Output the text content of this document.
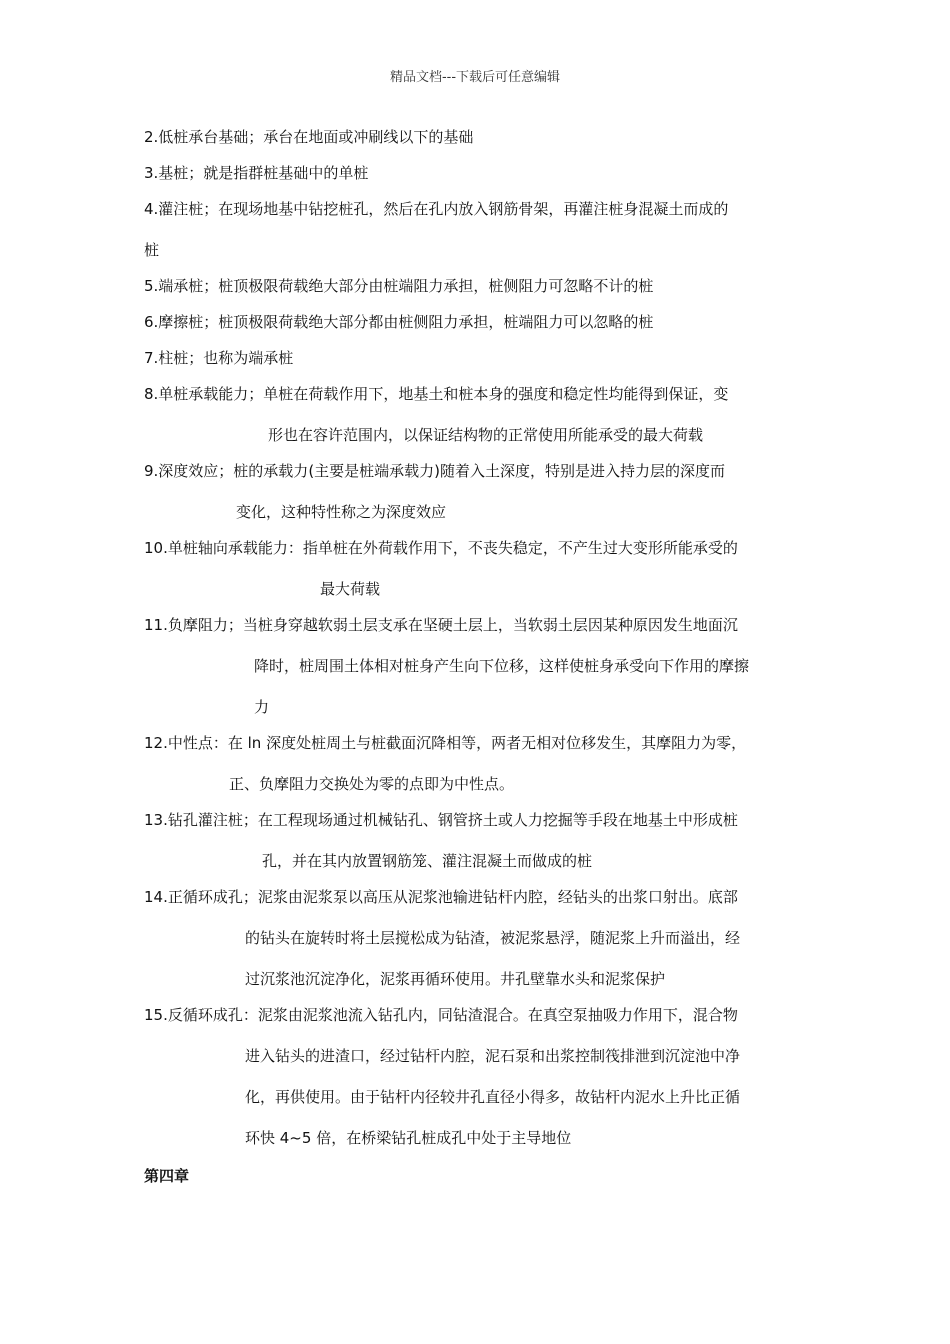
精品文档---下载后可任意编辑
2.低桩承台基础；承台在地面或冲刷线以下的基础
3.基桩；就是指群桩基础中的单桩
4.灌注桩；在现场地基中钻挖桩孔，然后在孔内放入钢筋骨架，再灌注桩身混凝土而成的
桩
5.端承桩；桩顶极限荷载绝大部分由桩端阻力承担，桩侧阻力可忽略不计的桩
6.摩擦桩；桩顶极限荷载绝大部分都由桩侧阻力承担，桩端阻力可以忽略的桩
7.柱桩；也称为端承桩
8.单桩承载能力；单桩在荷载作用下，地基土和桩本身的强度和稳定性均能得到保证，变
形也在容许范围内，以保证结构物的正常使用所能承受的最大荷载
9.深度效应；桩的承载力(主要是桩端承载力)随着入土深度，特别是进入持力层的深度而
变化，这种特性称之为深度效应
10.单桩轴向承载能力：指单桩在外荷载作用下，不丧失稳定，不产生过大变形所能承受的
最大荷载
11.负摩阻力；当桩身穿越软弱土层支承在坚硬土层上，当软弱土层因某种原因发生地面沉
降时，桩周围土体相对桩身产生向下位移，这样使桩身承受向下作用的摩擦
力
12.中性点：在 ln 深度处桩周土与桩截面沉降相等，两者无相对位移发生，其摩阻力为零，
正、负摩阻力交换处为零的点即为中性点。
13.钻孔灌注桩；在工程现场通过机械钻孔、钢管挤土或人力挖掘等手段在地基土中形成桩
孔，并在其内放置钢筋笼、灌注混凝土而做成的桩
14.正循环成孔；泥浆由泥浆泵以高压从泥浆池输进钻杆内腔，经钻头的出浆口射出。底部
的钻头在旋转时将土层搅松成为钻渣，被泥浆悬浮，随泥浆上升而溢出，经
过沉浆池沉淀净化，泥浆再循环使用。井孔壁靠水头和泥浆保护
15.反循环成孔：泥浆由泥浆池流入钻孔内，同钻渣混合。在真空泵抽吸力作用下，混合物
进入钻头的进渣口，经过钻杆内腔，泥石泵和出浆控制筏排泄到沉淀池中净
化，再供使用。由于钻杆内径较井孔直径小得多，故钻杆内泥水上升比正循
环快 4~5 倍，在桥梁钻孔桩成孔中处于主导地位
第四章
